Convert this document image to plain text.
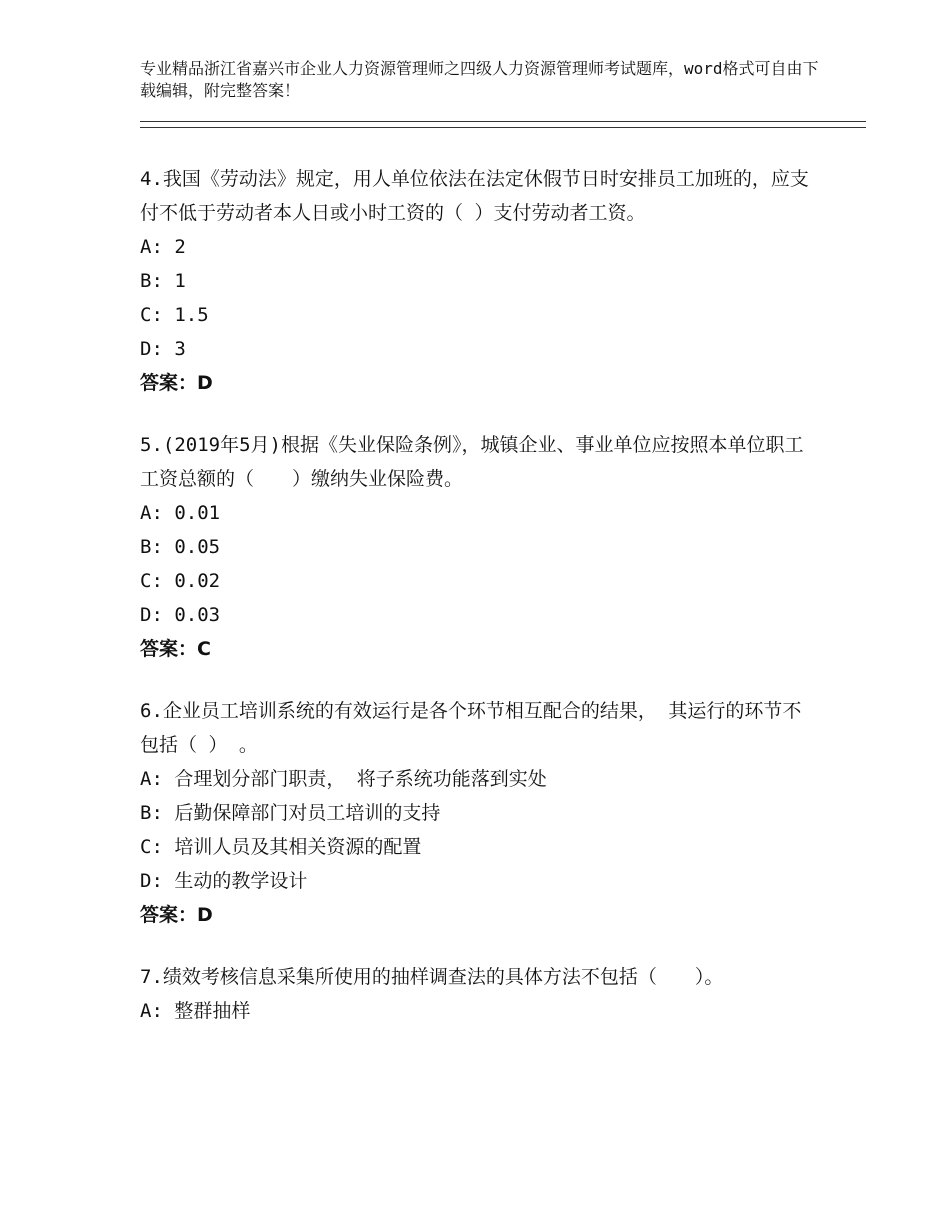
专业精品浙江省嘉兴市企业人力资源管理师之四级人力资源管理师考试题库，word格式可自由下载编辑，附完整答案！

4.我国《劳动法》规定，用人单位依法在法定休假节日时安排员工加班的，应支付不低于劳动者本人日或小时工资的（ ）支付劳动者工资。

A: 2

B: 1

C: 1.5

D: 3

答案：D

5.(2019年5月)根据《失业保险条例》，城镇企业、事业单位应按照本单位职工工资总额的（　　）缴纳失业保险费。

A: 0.01

B: 0.05

C: 0.02

D: 0.03

答案：C

6.企业员工培训系统的有效运行是各个环节相互配合的结果， 其运行的环节不包括（ ） 。

A: 合理划分部门职责， 将子系统功能落到实处

B: 后勤保障部门对员工培训的支持

C: 培训人员及其相关资源的配置

D: 生动的教学设计

答案：D

7.绩效考核信息采集所使用的抽样调查法的具体方法不包括（　　）。

A: 整群抽样
